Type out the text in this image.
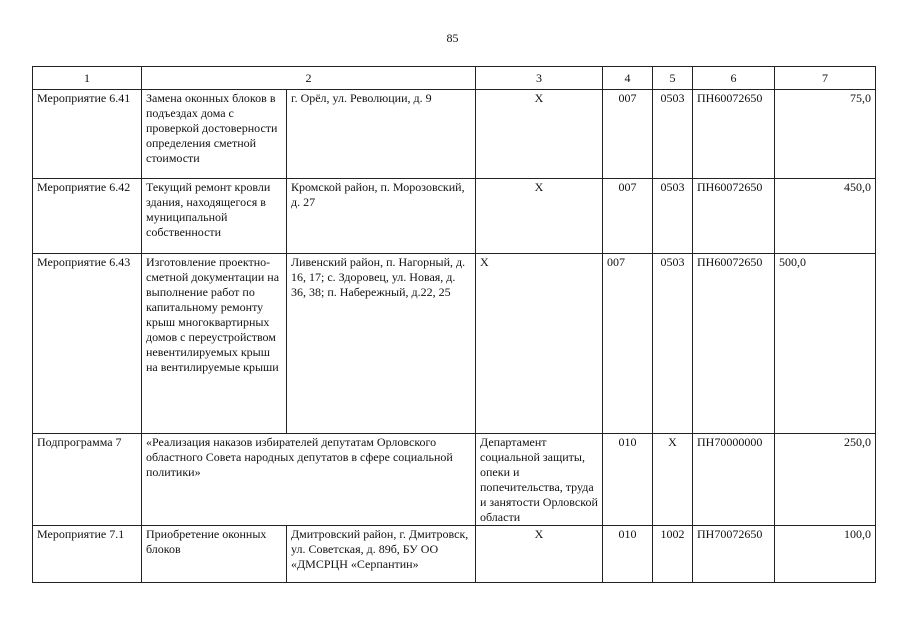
85
1	2		3	4	5	6	7
Мероприятие 6.41	Замена оконных блоков в подъездах дома с проверкой достоверности определения сметной стоимости	г. Орёл, ул. Революции, д. 9	Х	007	0503	ПН60072650	75,0
Мероприятие 6.42	Текущий ремонт кровли здания, находящегося в муниципальной собственности	Кромской район, п. Морозовский, д. 27	Х	007	0503	ПН60072650	450,0
Мероприятие 6.43	Изготовление проектно-сметной документации на выполнение работ по капитальному ремонту крыш многоквартирных домов с переустройством невентилируемых крыш на вентилируемые крыши	Ливенский район, п. Нагорный, д. 16, 17; с. Здоровец, ул. Новая, д. 36, 38; п. Набережный, д.22, 25	Х	007	0503	ПН60072650	500,0
Подпрограмма 7	«Реализация наказов избирателей депутатам Орловского областного Совета народных депутатов в сфере социальной политики»		Департамент социальной защиты, опеки и попечительства, труда и занятости Орловской области	010	Х	ПН70000000	250,0
Мероприятие 7.1	Приобретение оконных блоков	Дмитровский район, г. Дмитровск, ул. Советская, д. 89б, БУ ОО «ДМСРЦН «Серпантин»	Х	010	1002	ПН70072650	100,0
